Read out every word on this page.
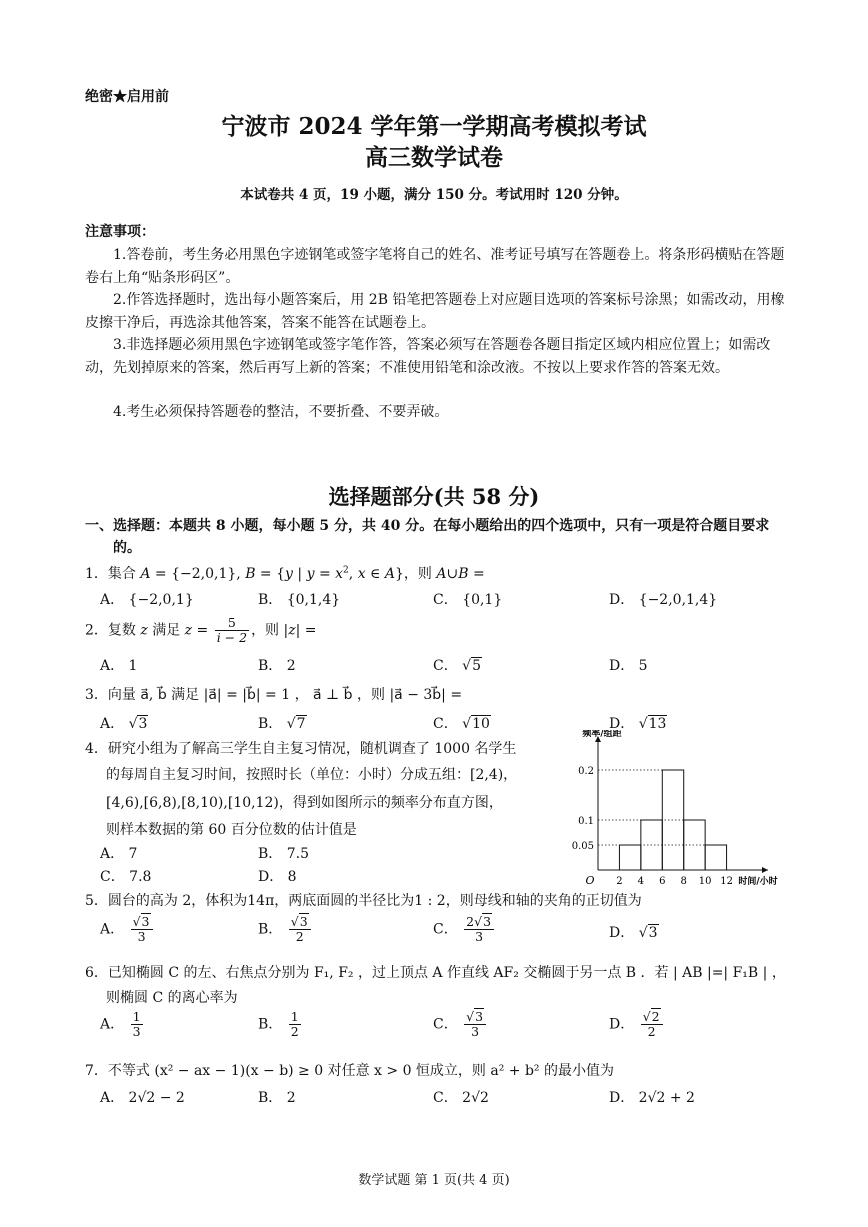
绝密★启用前
宁波市 2024 学年第一学期高考模拟考试
高三数学试卷
本试卷共 4 页，19 小题，满分 150 分。考试用时 120 分钟。
注意事项：
1.答卷前，考生务必用黑色字迹钢笔或签字笔将自己的姓名、准考证号填写在答题卷上。将条形码横贴在答题卷右上角“贴条形码区”。
2.作答选择题时，选出每小题答案后，用 2B 铅笔把答题卷上对应题目选项的答案标号涂黑；如需改动，用橡皮擦干净后，再选涂其他答案，答案不能答在试题卷上。
3.非选择题必须用黑色字迹钢笔或签字笔作答，答案必须写在答题卷各题目指定区域内相应位置上；如需改动，先划掉原来的答案，然后再写上新的答案；不准使用铅笔和涂改液。不按以上要求作答的答案无效。
4.考生必须保持答题卷的整洁，不要折叠、不要弄破。
选择题部分(共 58 分)
一、选择题：本题共 8 小题，每小题 5 分，共 40 分。在每小题给出的四个选项中，只有一项是符合题目要求的。
1．集合 A = {−2,0,1}, B = {y | $y = x^2$, x ∈ A}，则 A∪B =
A． {−2,0,1}	B． {0,1,4}	C． {0,1}	D． {−2,0,1,4}
2．复数 z 满足 $z = \frac{5}{i - 2}$ ，则 |z| =
A． 1	B． 2	C． √5	D． 5
3．向量 a⃗, b⃗ 满足 |a⃗| = |b⃗| = 1 ， a⃗ ⊥ b⃗ ，则 |a⃗ − 3b⃗| =
A． √3	B． √7	C． √10	D． √13
4．研究小组为了解高三学生自主复习情况，随机调查了 1000 名学生
的每周自主复习时间，按照时长（单位：小时）分成五组：[2,4)，
[4,6),[6,8),[8,10),[10,12)，得到如图所示的频率分布直方图，
则样本数据的第 60 百分位数的估计值是
A． 7	B． 7.5
C． 7.8	D． 8
0.05
0.1
0.2
2 4 6 8 10 12
O
频率/组距
时间/小时
5．圆台的高为 2，体积为14π，两底面圆的半径比为1 : 2，则母线和轴的夹角的正切值为
A． $\frac{√3}{3}$	B． $\frac{√3}{2}$	C． $\frac{2√3}{3}$	D． √3
6．已知椭圆 C 的左、右焦点分别为 F₁, F₂ ，过上顶点 A 作直线 AF₂ 交椭圆于另一点 B ．若 | AB |=| F₁B | ，
则椭圆 C 的离心率为
A． $\frac{1}{3}$	B． $\frac{1}{2}$	C． $\frac{√3}{3}$	D． $\frac{√2}{2}$
7．不等式 (x² − ax − 1)(x − b) ≥ 0 对任意 x > 0 恒成立，则 a² + b² 的最小值为
A． 2√2 − 2	B． 2	C． 2√2	D． 2√2 + 2
数学试题 第 1 页(共 4 页)
